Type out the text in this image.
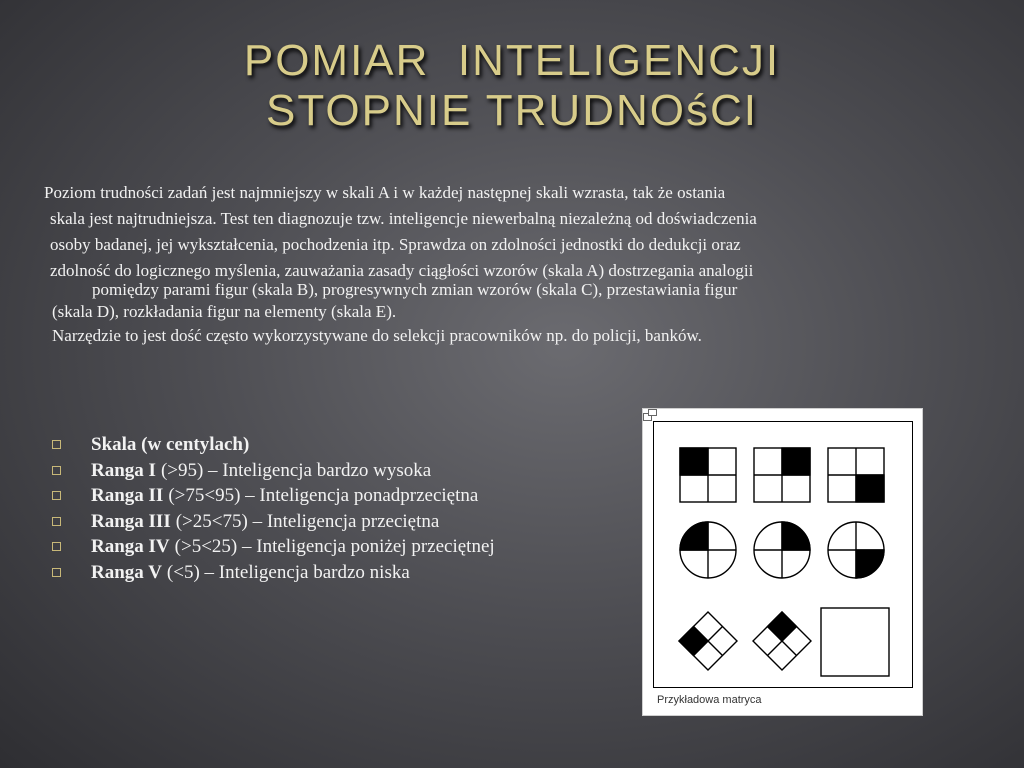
POMIAR  INTELIGENCJI
STOPNIE TRUDNOśCI
Poziom trudności zadań jest najmniejszy w skali A i w każdej następnej skali wzrasta, tak że ostania
skala jest najtrudniejsza. Test ten diagnozuje tzw. inteligencje niewerbalną niezależną od doświadczenia
osoby badanej, jej wykształcenia, pochodzenia itp. Sprawdza on zdolności jednostki do dedukcji oraz
zdolność do logicznego myślenia, zauważania zasady ciągłości wzorów (skala A) dostrzegania analogii
pomiędzy parami figur (skala B), progresywnych zmian wzorów (skala C), przestawiania figur
(skala D), rozkładania figur na elementy (skala E).
Narzędzie to jest dość często wykorzystywane do selekcji pracowników np. do policji, banków.
Skala (w centylach)
Ranga I (>95) – Inteligencja bardzo wysoka
Ranga II (>75<95) – Inteligencja ponadprzeciętna
Ranga III (>25<75) – Inteligencja przeciętna
Ranga IV (>5<25) – Inteligencja poniżej przeciętnej
Ranga V (<5) – Inteligencja bardzo niska
Przykładowa matryca
